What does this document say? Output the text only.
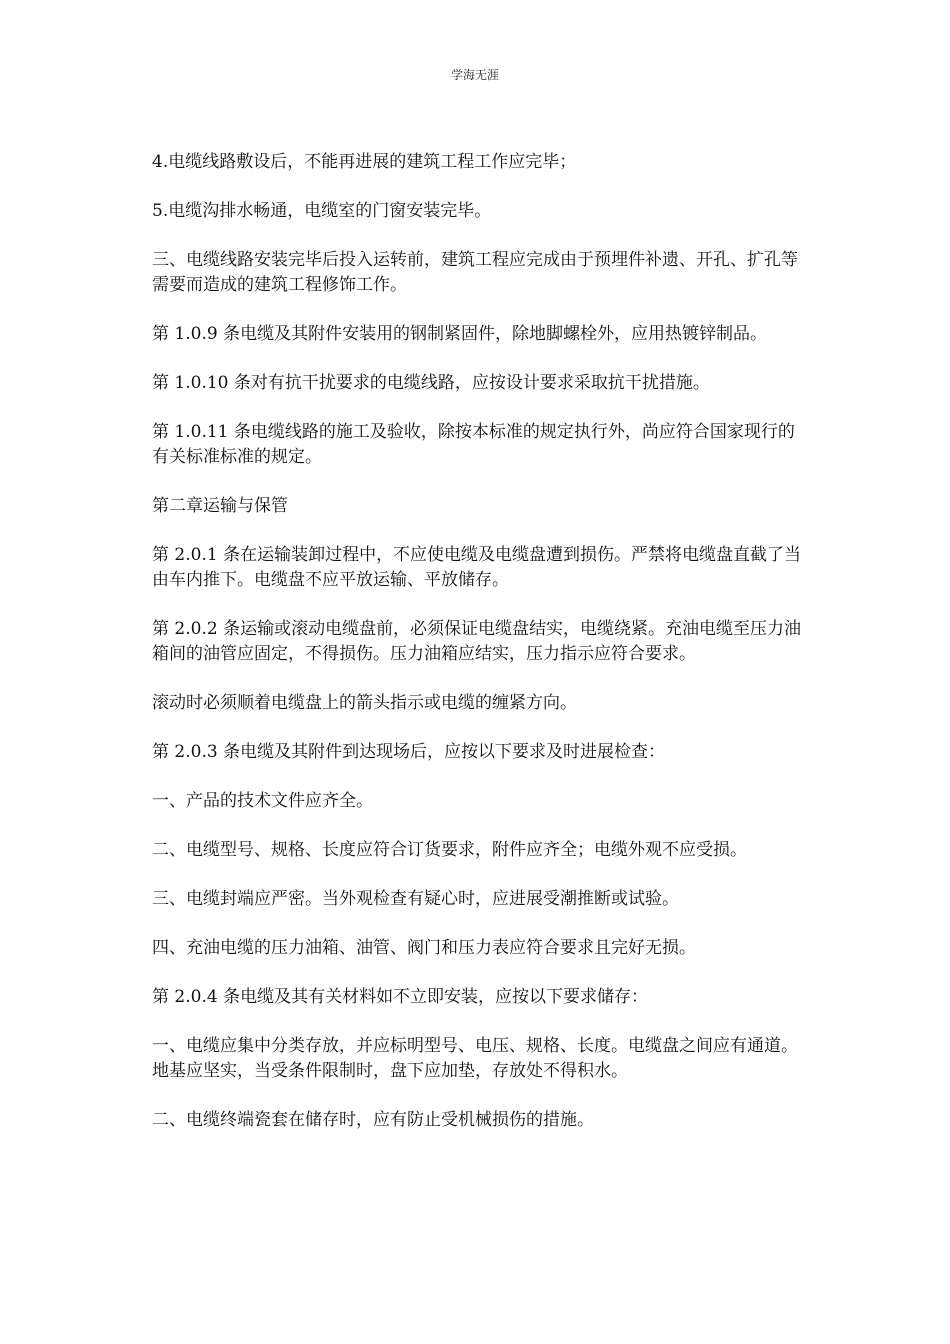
学海无涯

4.电缆线路敷设后，不能再进展的建筑工程工作应完毕；

5.电缆沟排水畅通，电缆室的门窗安装完毕。

三、电缆线路安装完毕后投入运转前，建筑工程应完成由于预埋件补遗、开孔、扩孔等需要而造成的建筑工程修饰工作。

第 1.0.9 条电缆及其附件安装用的钢制紧固件，除地脚螺栓外，应用热镀锌制品。

第 1.0.10 条对有抗干扰要求的电缆线路，应按设计要求采取抗干扰措施。

第 1.0.11 条电缆线路的施工及验收，除按本标准的规定执行外，尚应符合国家现行的有关标准标准的规定。

第二章运输与保管

第 2.0.1 条在运输装卸过程中，不应使电缆及电缆盘遭到损伤。严禁将电缆盘直截了当由车内推下。电缆盘不应平放运输、平放储存。

第 2.0.2 条运输或滚动电缆盘前，必须保证电缆盘结实，电缆绕紧。充油电缆至压力油箱间的油管应固定，不得损伤。压力油箱应结实，压力指示应符合要求。

滚动时必须顺着电缆盘上的箭头指示或电缆的缠紧方向。

第 2.0.3 条电缆及其附件到达现场后，应按以下要求及时进展检查：

一、产品的技术文件应齐全。

二、电缆型号、规格、长度应符合订货要求，附件应齐全；电缆外观不应受损。

三、电缆封端应严密。当外观检查有疑心时，应进展受潮推断或试验。

四、充油电缆的压力油箱、油管、阀门和压力表应符合要求且完好无损。

第 2.0.4 条电缆及其有关材料如不立即安装，应按以下要求储存：

一、电缆应集中分类存放，并应标明型号、电压、规格、长度。电缆盘之间应有通道。地基应坚实，当受条件限制时，盘下应加垫，存放处不得积水。

二、电缆终端瓷套在储存时，应有防止受机械损伤的措施。
